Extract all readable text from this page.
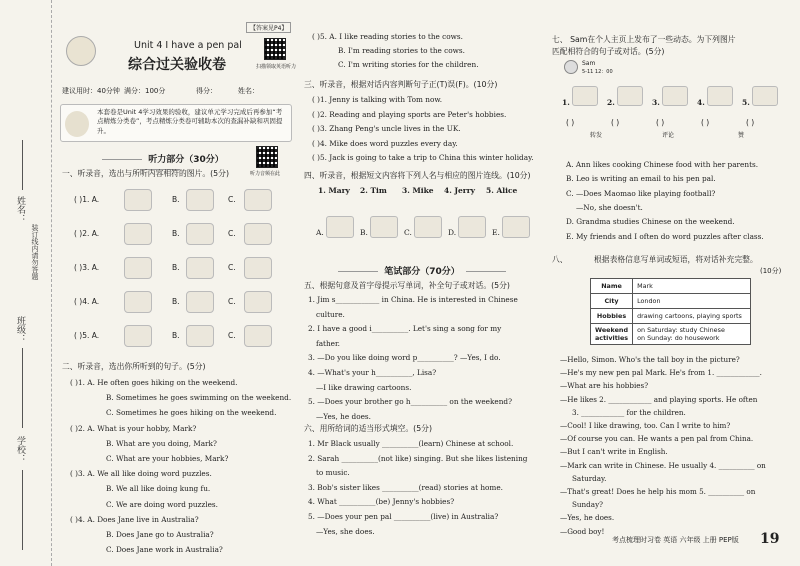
姓名：
装订线内请勿答题
班级：
学校：
【答案见P4】
Unit 4 I have a pen pal
综合过关验收卷	扫描领取英语听力
建议用时：40分钟 满分：100分	得分：	姓名：
本套卷是Unit 4学习效果的验收，建议单元学习完成后再参加“考点精炼分类卷”，考点精炼分类卷可辅助本次的查漏补缺和巩固提升。
听力部分（30分）
听力音频在此
一、听录音，选出与所听内容相符的图片。(5分)
( )1. A.	B.	C.
( )2. A.	B.	C.
( )3. A.	B.	C.
( )4. A.	B.	C.
( )5. A.	B.	C.
二、听录音，选出你所听到的句子。(5分)
( )1. A. He often goes hiking on the weekend.
B. Sometimes he goes swimming on the weekend.
C. Sometimes he goes hiking on the weekend.
( )2. A. What is your hobby, Mark?
B. What are you doing, Mark?
C. What are your hobbies, Mark?
( )3. A. We all like doing word puzzles.
B. We all like doing kung fu.
C. We are doing word puzzles.
( )4. A. Does Jane live in Australia?
B. Does Jane go to Australia?
C. Does Jane work in Australia?
( )5. A. I like reading stories to the cows.
B. I'm reading stories to the cows.
C. I'm writing stories for the children.
三、听录音，根据对话内容判断句子正(T)误(F)。(10分)
( )1. Jenny is talking with Tom now.
( )2. Reading and playing sports are Peter's hobbies.
( )3. Zhang Peng's uncle lives in the UK.
( )4. Mike does word puzzles every day.
( )5. Jack is going to take a trip to China this winter holiday.
四、听录音，根据短文内容将下列人名与相应的图片连线。(10分)
1. Mary 2. Tim 3. Mike 4. Jerry 5. Alice
A.	B.	C.	D.	E.
笔试部分（70分）
五、根据句意及首字母提示写单词，补全句子或对话。(5分)
1. Jim s____________ in China. He is interested in Chinese
culture.
2. I have a good i__________. Let's sing a song for my
father.
3. —Do you like doing word p__________? —Yes, I do.
4. —What's your h__________, Lisa?
—I like drawing cartoons.
5. —Does your brother go h__________ on the weekend?
—Yes, he does.
六、用所给词的适当形式填空。(5分)
1. Mr Black usually __________(learn) Chinese at school.
2. Sarah __________(not like) singing. But she likes listening
to music.
3. Bob's sister likes __________(read) stories at home.
4. What __________(be) Jenny's hobbies?
5. —Does your pen pal __________(live) in Australia?
—Yes, she does.
七、 Sam在个人主页上发布了一些动态。为下列图片
匹配相符合的句子或对话。(5分)
Sam
5-11 12：00
1.
( )
2.
( )
3.
( )
4.
( )
5.
( )
转发	评论	赞
A. Ann likes cooking Chinese food with her parents.
B. Leo is writing an email to his pen pal.
C. —Does Maomao like playing football?
—No, she doesn't.
D. Grandma studies Chinese on the weekend.
E. My friends and I often do word puzzles after class.
八、	根据表格信息写单词或短语，将对话补充完整。
(10分)
Name	Mark
City	London
Hobbies	drawing cartoons, playing sports
Weekend activities	on Saturday: study Chinese
on Sunday: do housework
—Hello, Simon. Who's the tall boy in the picture?
—He's my new pen pal Mark. He's from 1. ____________.
—What are his hobbies?
—He likes 2. ____________ and playing sports. He often
3. ____________ for the children.
—Cool! I like drawing, too. Can I write to him?
—Of course you can. He wants a pen pal from China.
—But I can't write in English.
—Mark can write in Chinese. He usually 4. __________ on
Saturday.
—That's great! Does he help his mom 5. __________ on
Sunday?
—Yes, he does.
—Good boy!
考点梳理时习卷 英语 六年级 上册 PEP版 19
